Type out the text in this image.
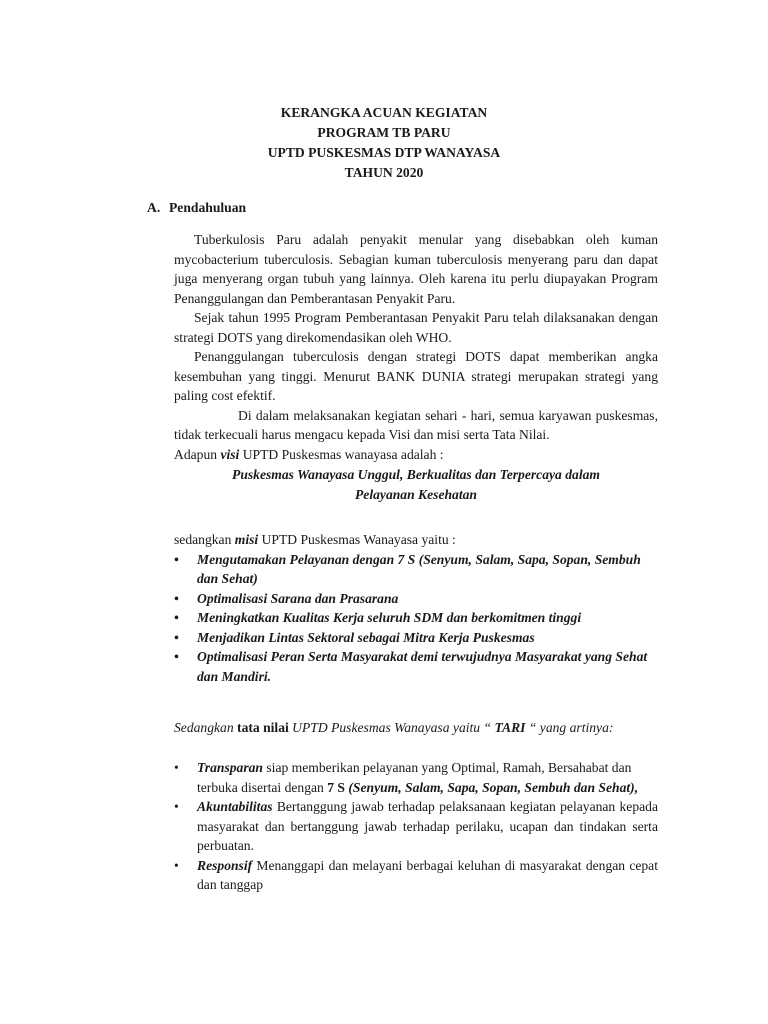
KERANGKA ACUAN KEGIATAN
PROGRAM TB PARU
UPTD PUSKESMAS DTP WANAYASA
TAHUN 2020
A. Pendahuluan

Tuberkulosis Paru adalah penyakit menular yang disebabkan oleh kuman mycobacterium tuberculosis. Sebagian kuman tuberculosis menyerang paru dan dapat juga menyerang organ tubuh yang lainnya. Oleh karena itu perlu diupayakan Program Penanggulangan dan Pemberantasan Penyakit Paru.

Sejak tahun 1995 Program Pemberantasan Penyakit Paru telah dilaksanakan dengan strategi DOTS yang direkomendasikan oleh WHO.

Penanggulangan tuberculosis dengan strategi DOTS dapat memberikan angka kesembuhan yang tinggi. Menurut BANK DUNIA strategi merupakan strategi yang paling cost efektif.

Di dalam melaksanakan kegiatan sehari - hari, semua karyawan puskesmas, tidak terkecuali harus mengacu kepada Visi dan misi serta Tata Nilai.

Adapun visi UPTD Puskesmas wanayasa adalah :

Puskesmas Wanayasa Unggul, Berkualitas dan Terpercaya dalam
Pelayanan Kesehatan

sedangkan misi UPTD Puskesmas Wanayasa yaitu :

• Mengutamakan Pelayanan dengan 7 S (Senyum, Salam, Sapa, Sopan, Sembuh dan Sehat)
• Optimalisasi Sarana dan Prasarana
• Meningkatkan Kualitas Kerja seluruh SDM dan berkomitmen tinggi
• Menjadikan Lintas Sektoral sebagai Mitra Kerja Puskesmas
• Optimalisasi Peran Serta Masyarakat demi terwujudnya Masyarakat yang Sehat dan Mandiri.
Sedangkan tata nilai UPTD Puskesmas Wanayasa yaitu “ TARI “ yang artinya:
• Transparan siap memberikan pelayanan yang Optimal, Ramah, Bersahabat dan terbuka disertai dengan 7 S (Senyum, Salam, Sapa, Sopan, Sembuh dan Sehat),
• Akuntabilitas Bertanggung jawab terhadap pelaksanaan kegiatan pelayanan kepada masyarakat dan bertanggung jawab terhadap perilaku, ucapan dan tindakan serta perbuatan.
• Responsif Menanggapi dan melayani berbagai keluhan di masyarakat dengan cepat dan tanggap
